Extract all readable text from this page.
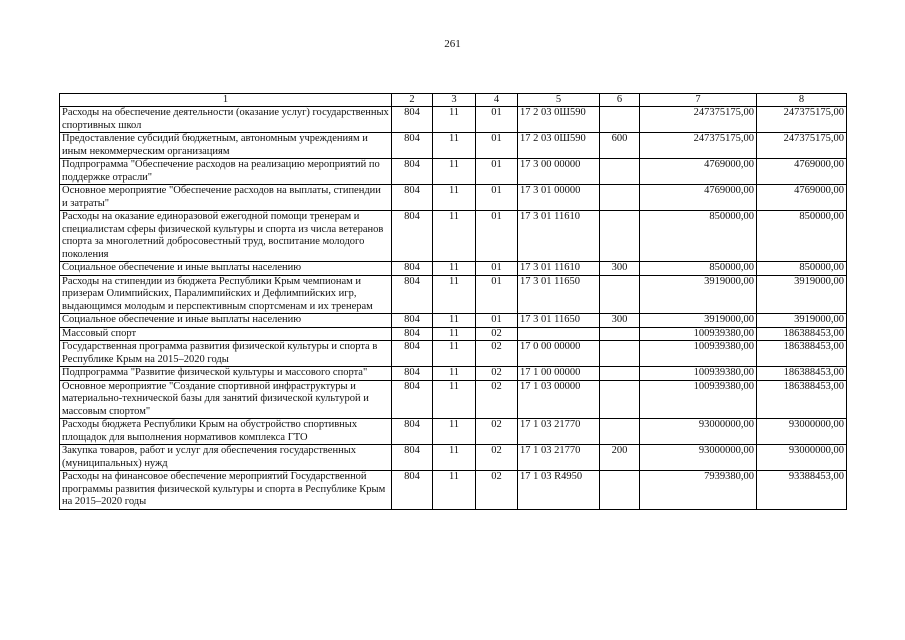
261
1	2	3	4	5	6	7	8
Расходы на обеспечение деятельности (оказание услуг) государственных спортивных школ	804	11	01	17 2 03 0Ш590		247375175,00	247375175,00
Предоставление субсидий бюджетным, автономным учреждениям и иным некоммерческим организациям	804	11	01	17 2 03 0Ш590	600	247375175,00	247375175,00
Подпрограмма "Обеспечение расходов на реализацию мероприятий по поддержке отрасли"	804	11	01	17 3 00 00000		4769000,00	4769000,00
Основное мероприятие "Обеспечение расходов на выплаты, стипендии и затраты"	804	11	01	17 3 01 00000		4769000,00	4769000,00
Расходы на оказание единоразовой ежегодной помощи тренерам и специалистам сферы физической культуры и спорта из числа ветеранов спорта за многолетний добросовестный труд, воспитание молодого поколения	804	11	01	17 3 01 11610		850000,00	850000,00
Социальное обеспечение и иные выплаты населению	804	11	01	17 3 01 11610	300	850000,00	850000,00
Расходы на стипендии из бюджета Республики Крым чемпионам и призерам Олимпийских, Паралимпийских и Дефлимпийских игр, выдающимся молодым и перспективным спортсменам и их тренерам	804	11	01	17 3 01 11650		3919000,00	3919000,00
Социальное обеспечение и иные выплаты населению	804	11	01	17 3 01 11650	300	3919000,00	3919000,00
Массовый спорт	804	11	02			100939380,00	186388453,00
Государственная программа развития физической культуры и спорта в Республике Крым на 2015–2020 годы	804	11	02	17 0 00 00000		100939380,00	186388453,00
Подпрограмма "Развитие физической культуры и массового спорта"	804	11	02	17 1 00 00000		100939380,00	186388453,00
Основное мероприятие "Создание спортивной инфраструктуры и материально-технической базы для занятий физической культурой и массовым спортом"	804	11	02	17 1 03 00000		100939380,00	186388453,00
Расходы бюджета Республики Крым на обустройство спортивных площадок для выполнения нормативов комплекса ГТО	804	11	02	17 1 03 21770		93000000,00	93000000,00
Закупка товаров, работ и услуг для обеспечения государственных (муниципальных) нужд	804	11	02	17 1 03 21770	200	93000000,00	93000000,00
Расходы на финансовое обеспечение мероприятий Государственной программы развития физической культуры и спорта в Республике Крым на 2015–2020 годы	804	11	02	17 1 03 R4950		7939380,00	93388453,00
